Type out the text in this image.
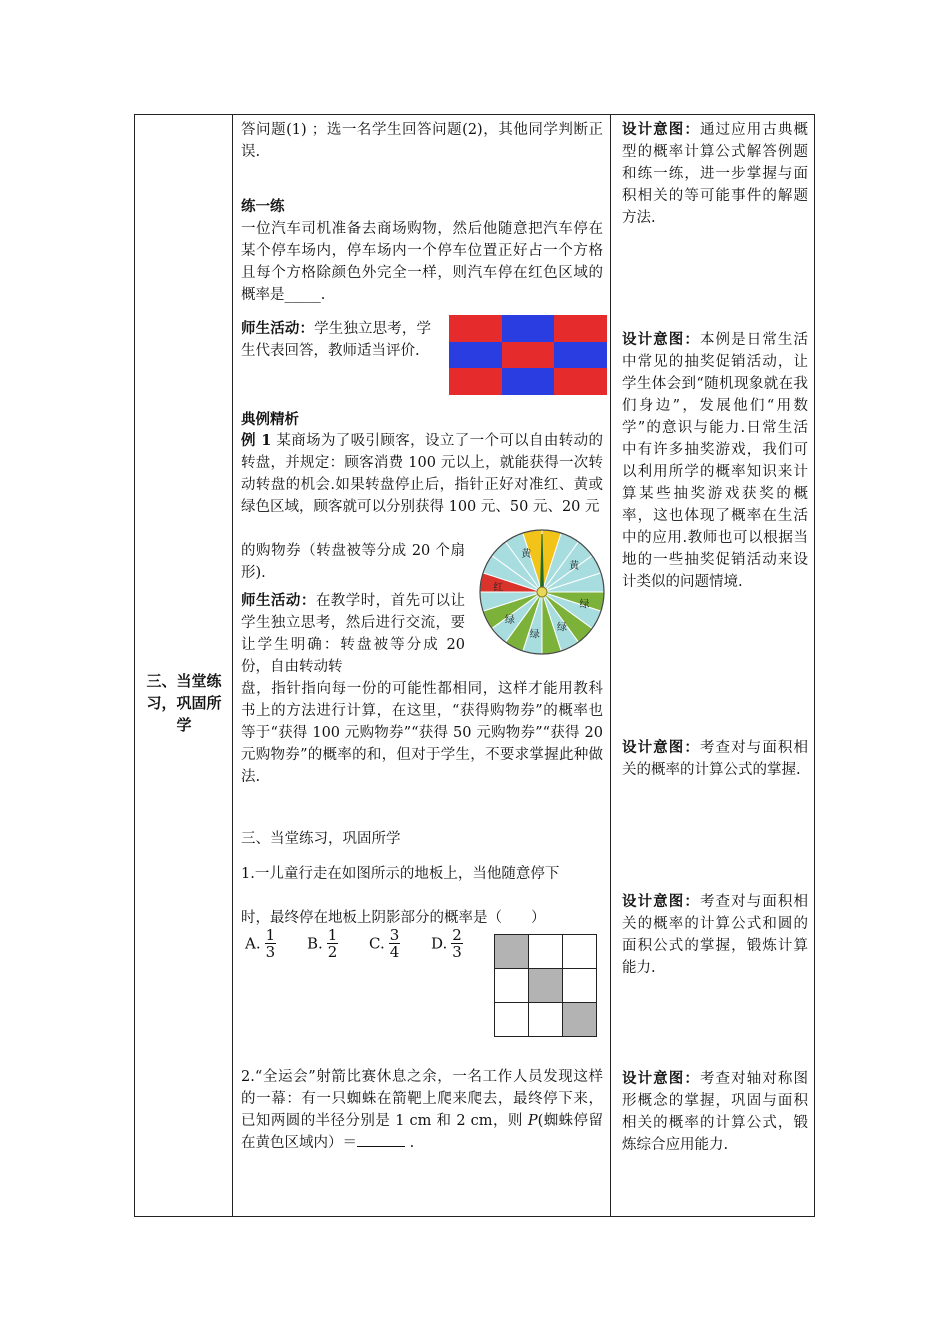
三、当堂练习，巩固所学
答问题(1) ；选一名学生回答问题(2)，其他同学判断正误.
练一练
一位汽车司机准备去商场购物，然后他随意把汽车停在某个停车场内，停车场内一个停车位置正好占一个方格且每个方格除颜色外完全一样，则汽车停在红色区域的概率是_____.
师生活动：学生独立思考，学生代表回答，教师适当评价.
典例精析
例 1 某商场为了吸引顾客，设立了一个可以自由转动的转盘，并规定：顾客消费 100 元以上，就能获得一次转动转盘的机会.如果转盘停止后，指针正好对准红、黄或绿色区域，顾客就可以分别获得 100 元、50 元、20 元
的购物券（转盘被等分成 20 个扇形).
黄
黄
红
绿
绿
绿
绿
师生活动：在教学时，首先可以让学生独立思考，然后进行交流，要让学生明确：转盘被等分成 20 份，自由转动转
盘，指针指向每一份的可能性都相同，这样才能用教科书上的方法进行计算，在这里，“获得购物券”的概率也等于“获得 100 元购物券”“获得 50 元购物券”“获得 20 元购物券”的概率的和，但对于学生，不要求掌握此种做法.
三、当堂练习，巩固所学
1.一儿童行走在如图所示的地板上，当他随意停下
时，最终停在地板上阴影部分的概率是（　　）
A. $\frac{1}{3} B$. $\frac{1}{2} C$. $\frac{3}{4} D$. $\frac{2}{3}$

2.“全运会”射箭比赛休息之余，一名工作人员发现这样的一幕：有一只蜘蛛在箭靶上爬来爬去，最终停下来，已知两圆的半径分别是 1 cm 和 2 cm，则 P(蜘蛛停留在黄色区域内）＝	.
设计意图：通过应用古典概型的概率计算公式解答例题和练一练，进一步掌握与面积相关的等可能事件的解题方法.
设计意图：本例是日常生活中常见的抽奖促销活动，让学生体会到“随机现象就在我们身边”，发展他们“用数学”的意识与能力.日常生活中有许多抽奖游戏，我们可以利用所学的概率知识来计算某些抽奖游戏获奖的概率，这也体现了概率在生活中的应用.教师也可以根据当地的一些抽奖促销活动来设计类似的问题情境.
设计意图：考查对与面积相关的概率的计算公式的掌握.
设计意图：考查对与面积相关的概率的计算公式和圆的面积公式的掌握，锻炼计算能力.
设计意图：考查对轴对称图形概念的掌握，巩固与面积相关的概率的计算公式，锻炼综合应用能力.
